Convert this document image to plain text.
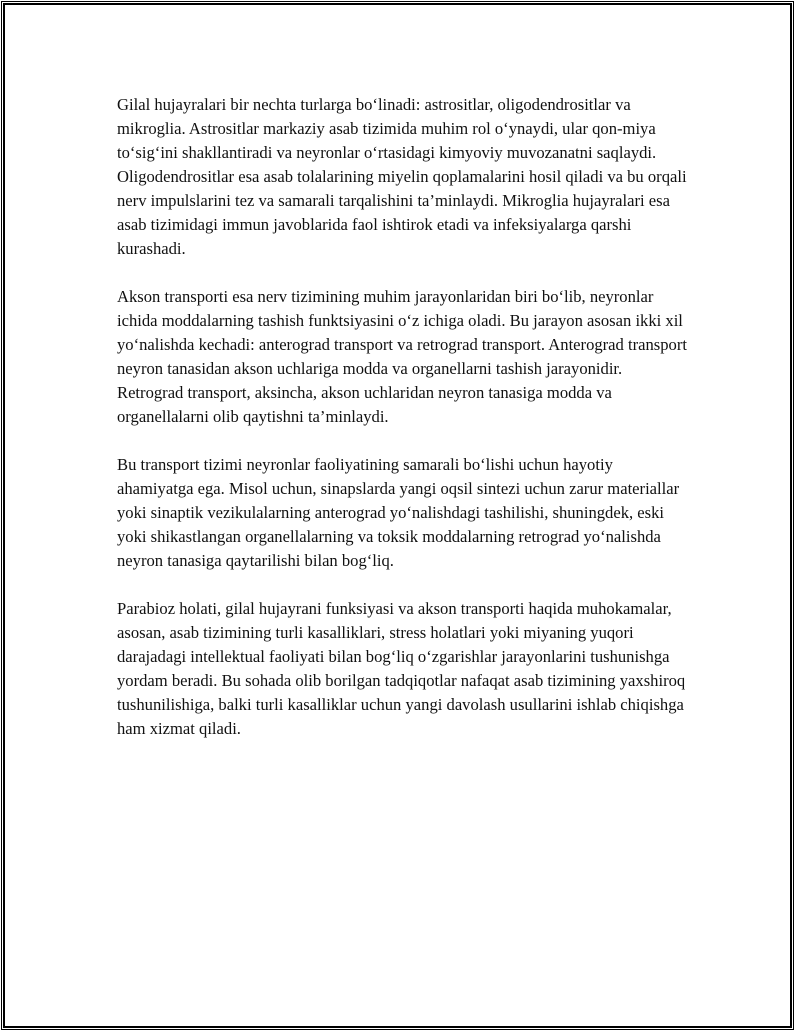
Gilal hujayralari bir nechta turlarga bo‘linadi: astrositlar, oligodendrositlar va mikroglia. Astrositlar markaziy asab tizimida muhim rol o‘ynaydi, ular qon-miya to‘sig‘ini shakllantiradi va neyronlar o‘rtasidagi kimyoviy muvozanatni saqlaydi. Oligodendrositlar esa asab tolalarining miyelin qoplamalarini hosil qiladi va bu orqali nerv impulslarini tez va samarali tarqalishini ta’minlaydi. Mikroglia hujayralari esa asab tizimidagi immun javoblarida faol ishtirok etadi va infeksiyalarga qarshi kurashadi.

Akson transporti esa nerv tizimining muhim jarayonlaridan biri bo‘lib, neyronlar ichida moddalarning tashish funktsiyasini o‘z ichiga oladi. Bu jarayon asosan ikki xil yo‘nalishda kechadi: anterograd transport va retrograd transport. Anterograd transport neyron tanasidan akson uchlariga modda va organellarni tashish jarayonidir. Retrograd transport, aksincha, akson uchlaridan neyron tanasiga modda va organellalarni olib qaytishni ta’minlaydi.

Bu transport tizimi neyronlar faoliyatining samarali bo‘lishi uchun hayotiy ahamiyatga ega. Misol uchun, sinapslarda yangi oqsil sintezi uchun zarur materiallar yoki sinaptik vezikulalarning anterograd yo‘nalishdagi tashilishi, shuningdek, eski yoki shikastlangan organellalarning va toksik moddalarning retrograd yo‘nalishda neyron tanasiga qaytarilishi bilan bog‘liq.

Parabioz holati, gilal hujayrani funksiyasi va akson transporti haqida muhokamalar, asosan, asab tizimining turli kasalliklari, stress holatlari yoki miyaning yuqori darajadagi intellektual faoliyati bilan bog‘liq o‘zgarishlar jarayonlarini tushunishga yordam beradi. Bu sohada olib borilgan tadqiqotlar nafaqat asab tizimining yaxshiroq tushunilishiga, balki turli kasalliklar uchun yangi davolash usullarini ishlab chiqishga ham xizmat qiladi.
